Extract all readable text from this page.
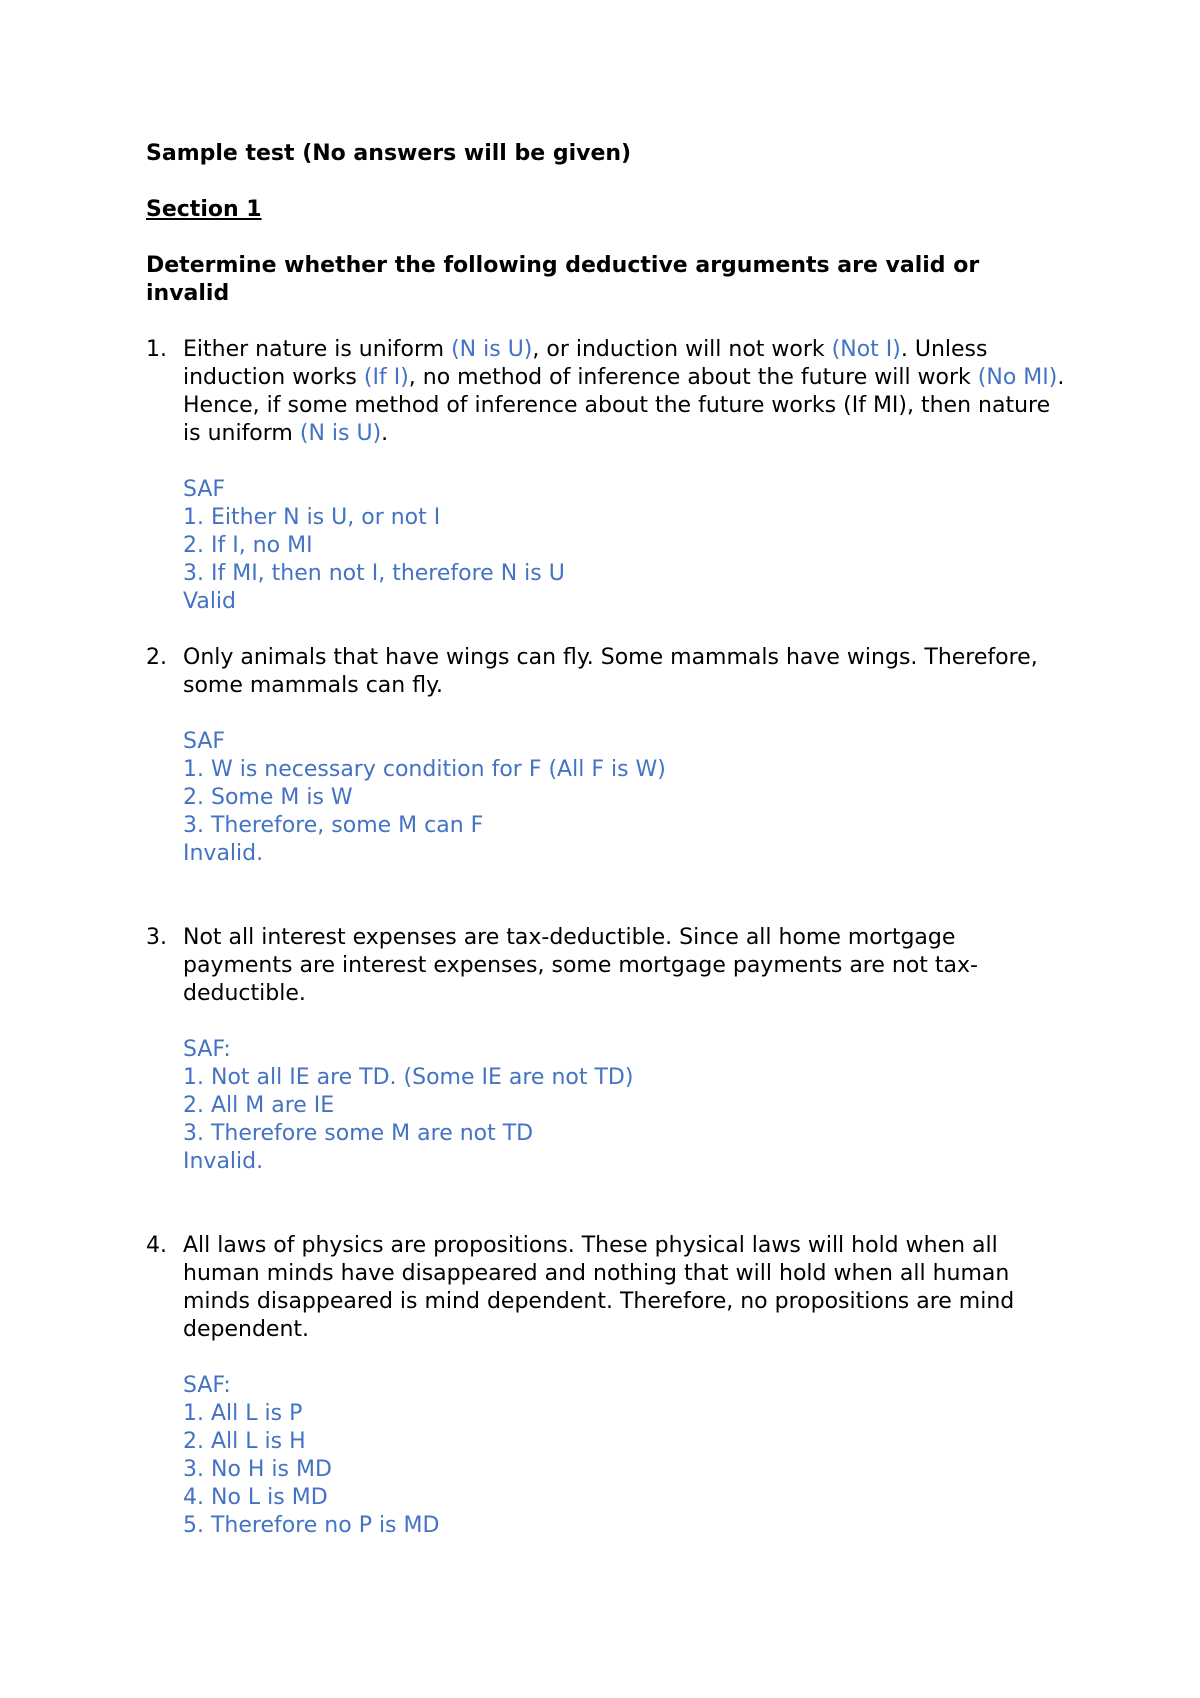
Sample test (No answers will be given)
Section 1
Determine whether the following deductive arguments are valid or invalid
1. Either nature is uniform (N is U), or induction will not work (Not I). Unless induction works (If I), no method of inference about the future will work (No MI). Hence, if some method of inference about the future works (If MI), then nature is uniform (N is U).
SAF
1. Either N is U, or not I
2. If I, no MI
3. If MI, then not I, therefore N is U
Valid
2. Only animals that have wings can fly. Some mammals have wings. Therefore, some mammals can fly.
SAF
1. W is necessary condition for F (All F is W)
2. Some M is W
3. Therefore, some M can F
Invalid.
3. Not all interest expenses are tax-deductible. Since all home mortgage payments are interest expenses, some mortgage payments are not tax-deductible.
SAF:
1. Not all IE are TD. (Some IE are not TD)
2. All M are IE
3. Therefore some M are not TD
Invalid.
4. All laws of physics are propositions. These physical laws will hold when all human minds have disappeared and nothing that will hold when all human minds disappeared is mind dependent. Therefore, no propositions are mind dependent.
SAF:
1. All L is P
2. All L is H
3. No H is MD
4. No L is MD
5. Therefore no P is MD
